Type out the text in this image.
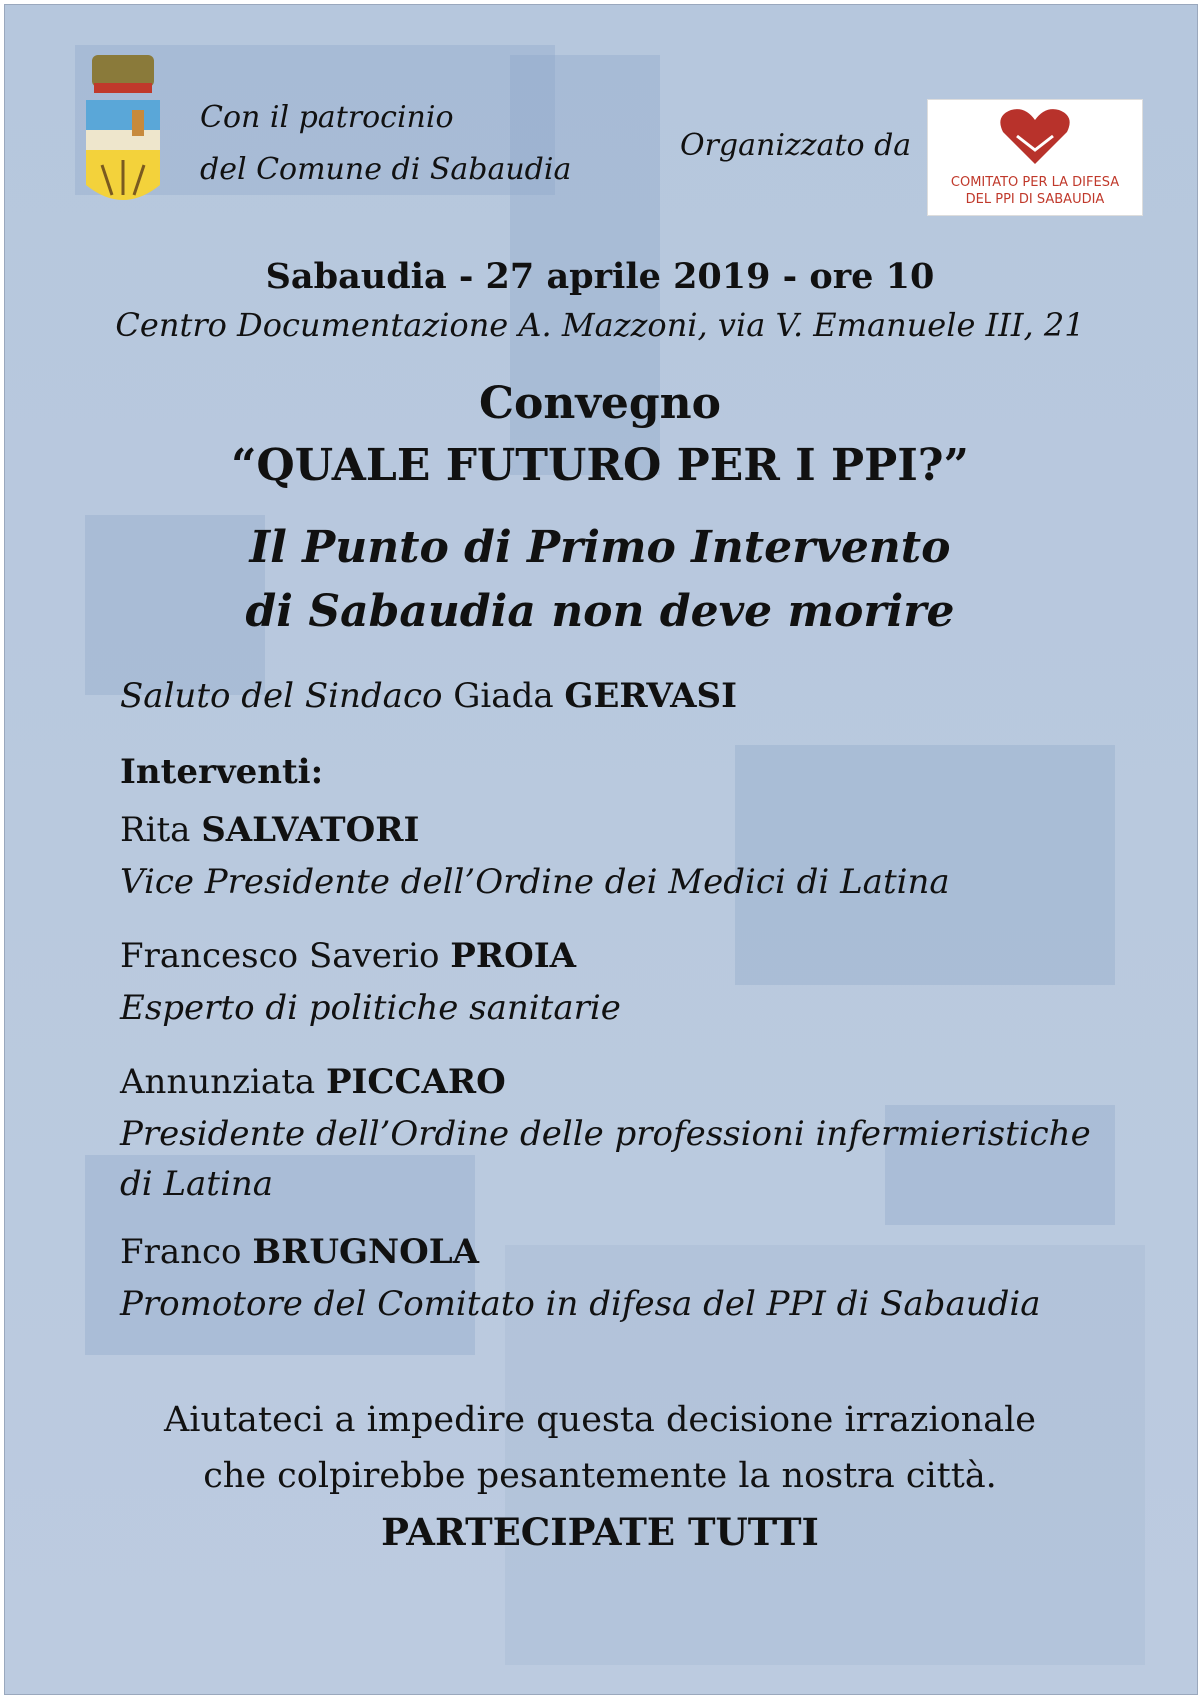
Con il patrocinio
del Comune di Sabaudia
Organizzato da
COMITATO PER LA DIFESA
DEL PPI DI SABAUDIA
Sabaudia - 27 aprile 2019 - ore 10
Centro Documentazione A. Mazzoni, via V. Emanuele III, 21
Convegno
“QUALE FUTURO PER I PPI?”
Il Punto di Primo Intervento
di Sabaudia non deve morire
Saluto del Sindaco Giada GERVASI
Interventi:
Rita SALVATORI
Vice Presidente dell’Ordine dei Medici di Latina
Francesco Saverio PROIA
Esperto di politiche sanitarie
Annunziata PICCARO
Presidente dell’Ordine delle professioni infermieristiche
di Latina
Franco BRUGNOLA
Promotore del Comitato in difesa del PPI di Sabaudia
Aiutateci a impedire questa decisione irrazionale
che colpirebbe pesantemente la nostra città.
PARTECIPATE TUTTI
